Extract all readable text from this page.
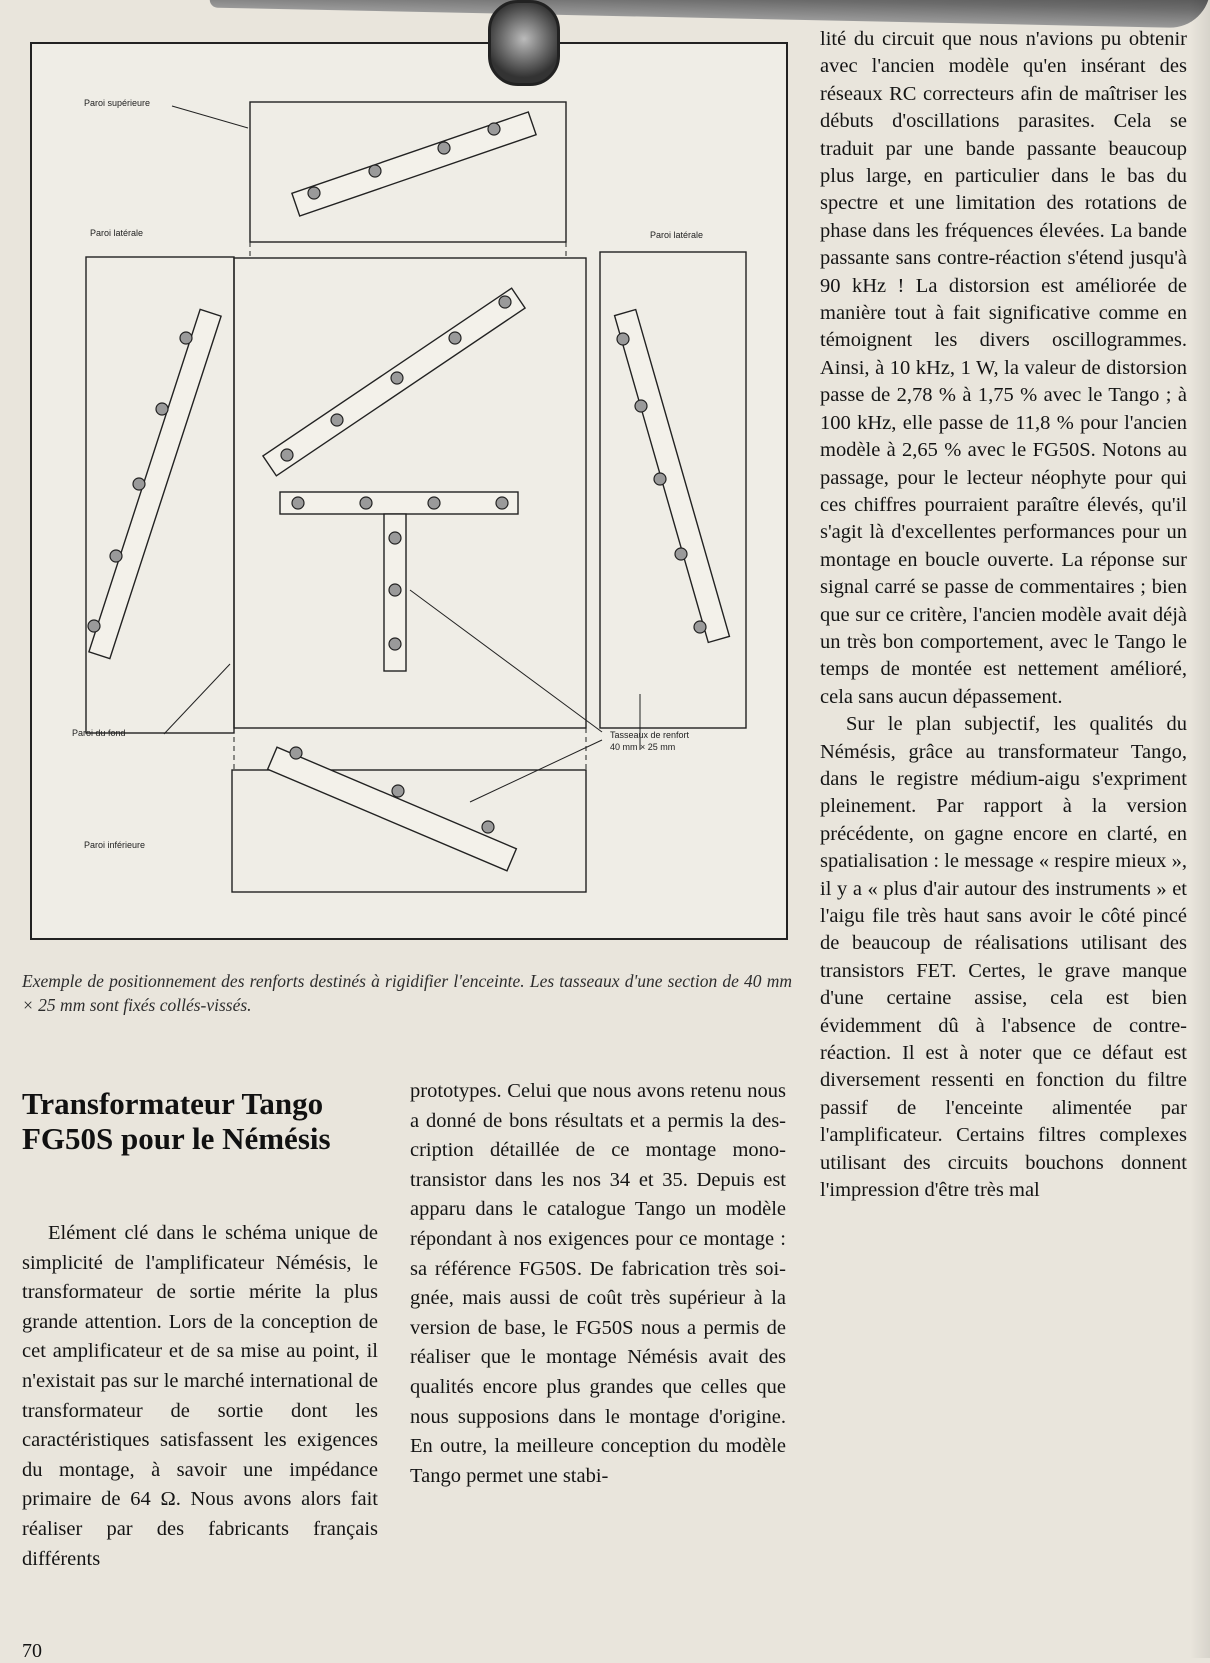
Paroi supérieure
Paroi latérale	Paroi latérale
Paroi du fond
Paroi inférieure
Tasseaux de renfort
40 mm × 25 mm
Exemple de positionnement des renforts destinés à rigidifier l'enceinte. Les tasseaux d'une section de 40 mm × 25 mm sont fixés collés-vissés.
Transformateur Tango FG50S pour le Némésis

Elément clé dans le schéma unique de simplicité de l'amplificateur Némésis, le transformateur de sortie mérite la plus grande attention. Lors de la conception de cet amplificateur et de sa mise au point, il n'existait pas sur le marché international de transformateur de sortie dont les caractéristiques satisfassent les exigences du montage, à savoir une impédance primaire de 64 Ω. Nous avons alors fait réaliser par des fabricants français différents

prototypes. Celui que nous avons retenu nous a donné de bons résultats et a permis la description détaillée de ce montage mono-transistor dans les nos 34 et 35. Depuis est apparu dans le catalogue Tango un modèle répondant à nos exigences pour ce montage : sa référence FG50S. De fabrication très soignée, mais aussi de coût très supérieur à la version de base, le FG50S nous a permis de réaliser que le montage Némésis avait des qualités encore plus grandes que celles que nous supposions dans le montage d'origine. En outre, la meilleure conception du modèle Tango permet une stabi-

lité du circuit que nous n'avions pu obtenir avec l'ancien modèle qu'en insérant des réseaux RC correcteurs afin de maîtriser les débuts d'oscillations parasites. Cela se traduit par une bande passante beaucoup plus large, en particulier dans le bas du spectre et une limitation des rotations de phase dans les fréquences élevées. La bande passante sans contre-réaction s'étend jusqu'à 90 kHz ! La distorsion est améliorée de manière tout à fait significative comme en témoignent les divers oscillogrammes. Ainsi, à 10 kHz, 1 W, la valeur de distorsion passe de 2,78 % à 1,75 % avec le Tango ; à 100 kHz, elle passe de 11,8 % pour l'ancien modèle à 2,65 % avec le FG50S. Notons au passage, pour le lecteur néophyte pour qui ces chiffres pourraient paraître élevés, qu'il s'agit là d'excellentes performances pour un montage en boucle ouverte. La réponse sur signal carré se passe de commentaires ; bien que sur ce critère, l'ancien modèle avait déjà un très bon comportement, avec le Tango le temps de montée est nettement amélioré, cela sans aucun dépassement.

Sur le plan subjectif, les qualités du Némésis, grâce au transformateur Tango, dans le registre médium-aigu s'expriment pleinement. Par rapport à la version précédente, on gagne encore en clarté, en spatialisation : le message « respire mieux », il y a « plus d'air autour des instruments » et l'aigu file très haut sans avoir le côté pincé de beaucoup de réalisations utilisant des transistors FET. Certes, le grave manque d'une certaine assise, cela est bien évidemment dû à l'absence de contre-réaction. Il est à noter que ce défaut est diversement ressenti en fonction du filtre passif de l'enceinte alimentée par l'amplificateur. Certains filtres complexes utilisant des circuits bouchons donnent l'impression d'être très mal

70
